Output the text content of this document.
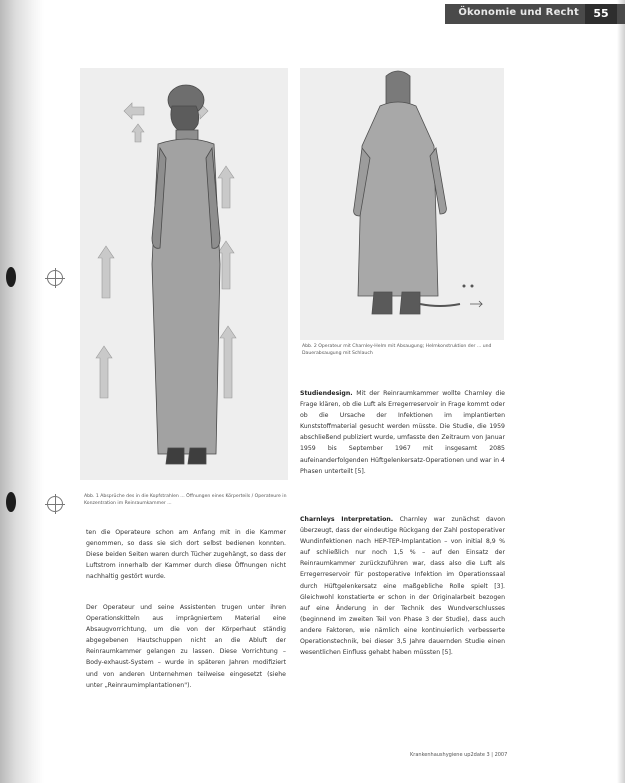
Ökonomie und Recht	55
Abb. 1 Absprüche des in die Kopfstrahlen ... Öffnungen eines Körperteils / Operateure in Konzentration im Reinraumkammer ...
Abb. 2 Operateur mit Charnley-Helm mit Absaugung; Helmkonstruktion der ... und Dauerabsaugung mit Schlauch

ten die Operateure schon am Anfang mit in die Kammer genommen, so dass sie sich dort selbst bedienen konnten. Diese beiden Seiten waren durch Tücher zugehängt, so dass der Luftstrom innerhalb der Kammer durch diese Öffnungen nicht nachhaltig gestört wurde.

Der Operateur und seine Assistenten trugen unter ihren Operationskitteln aus imprägniertem Material eine Absaugvorrichtung, um die von der Körperhaut ständig abgegebenen Hautschuppen nicht an die Abluft der Reinraumkammer gelangen zu lassen. Diese Vorrichtung – Body-exhaust-System – wurde in späteren Jahren modifiziert und von anderen Unternehmen teilweise eingesetzt (siehe unter „Reinraumimplantationen").

Studiendesign. Mit der Reinraumkammer wollte Charnley die Frage klären, ob die Luft als Erregerreservoir in Frage kommt oder ob die Ursache der Infektionen im implantierten Kunststoffmaterial gesucht werden müsste. Die Studie, die 1959 abschließend publiziert wurde, umfasste den Zeitraum von Januar 1959 bis September 1967 mit insgesamt 2085 aufeinanderfolgenden Hüftgelenkersatz-Operationen und war in 4 Phasen unterteilt [5].

Charnleys Interpretation. Charnley war zunächst davon überzeugt, dass der eindeutige Rückgang der Zahl postoperativer Wundinfektionen nach HEP-TEP-Implantation – von initial 8,9 % auf schließlich nur noch 1,5 % – auf den Einsatz der Reinraumkammer zurückzuführen war, dass also die Luft als Erregerreservoir für postoperative Infektion im Operationssaal durch Hüftgelenkersatz eine maßgebliche Rolle spielt [3]. Gleichwohl konstatierte er schon in der Originalarbeit bezogen auf eine Änderung in der Technik des Wundverschlusses (beginnend im zweiten Teil von Phase 3 der Studie), dass auch andere Faktoren, wie nämlich eine kontinuierlich verbesserte Operationstechnik, bei dieser 3,5 Jahre dauernden Studie einen wesentlichen Einfluss gehabt haben müssten [5].

Krankenhaushygiene up2date 3 | 2007
